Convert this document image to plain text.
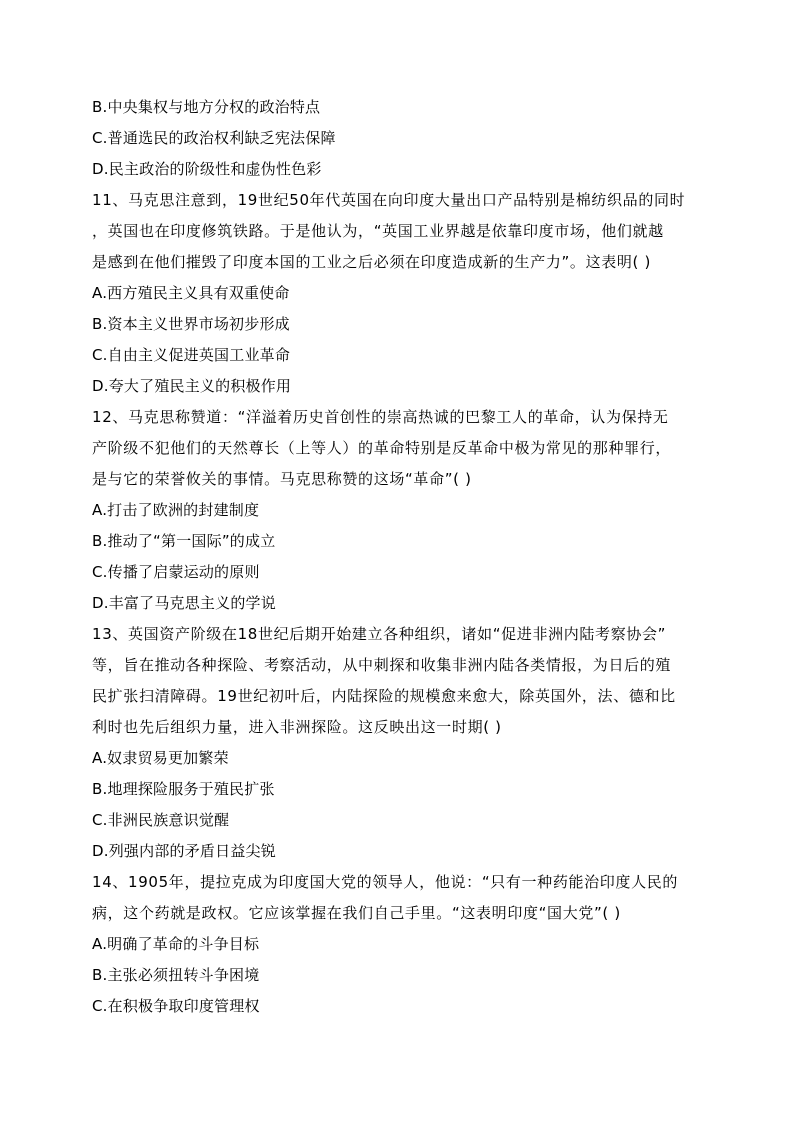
B.中央集权与地方分权的政治特点
C.普通选民的政治权利缺乏宪法保障
D.民主政治的阶级性和虚伪性色彩
11、马克思注意到，19世纪50年代英国在向印度大量出口产品特别是棉纺织品的同时
，英国也在印度修筑铁路。于是他认为，“英国工业界越是依靠印度市场，他们就越
是感到在他们摧毁了印度本国的工业之后必须在印度造成新的生产力”。这表明( )
A.西方殖民主义具有双重使命
B.资本主义世界市场初步形成
C.自由主义促进英国工业革命
D.夸大了殖民主义的积极作用
12、马克思称赞道：“洋溢着历史首创性的崇高热诚的巴黎工人的革命，认为保持无
产阶级不犯他们的天然尊长（上等人）的革命特别是反革命中极为常见的那种罪行，
是与它的荣誉攸关的事情。马克思称赞的这场“革命”( )
A.打击了欧洲的封建制度
B.推动了“第一国际”的成立
C.传播了启蒙运动的原则
D.丰富了马克思主义的学说
13、英国资产阶级在18世纪后期开始建立各种组织，诸如“促进非洲内陆考察协会”
等，旨在推动各种探险、考察活动，从中刺探和收集非洲内陆各类情报，为日后的殖
民扩张扫清障碍。19世纪初叶后，内陆探险的规模愈来愈大，除英国外，法、德和比
利时也先后组织力量，进入非洲探险。这反映出这一时期( )
A.奴隶贸易更加繁荣
B.地理探险服务于殖民扩张
C.非洲民族意识觉醒
D.列强内部的矛盾日益尖锐
14、1905年，提拉克成为印度国大党的领导人，他说：“只有一种药能治印度人民的
病，这个药就是政权。它应该掌握在我们自己手里。“这表明印度“国大党”( )
A.明确了革命的斗争目标
B.主张必须扭转斗争困境
C.在积极争取印度管理权
